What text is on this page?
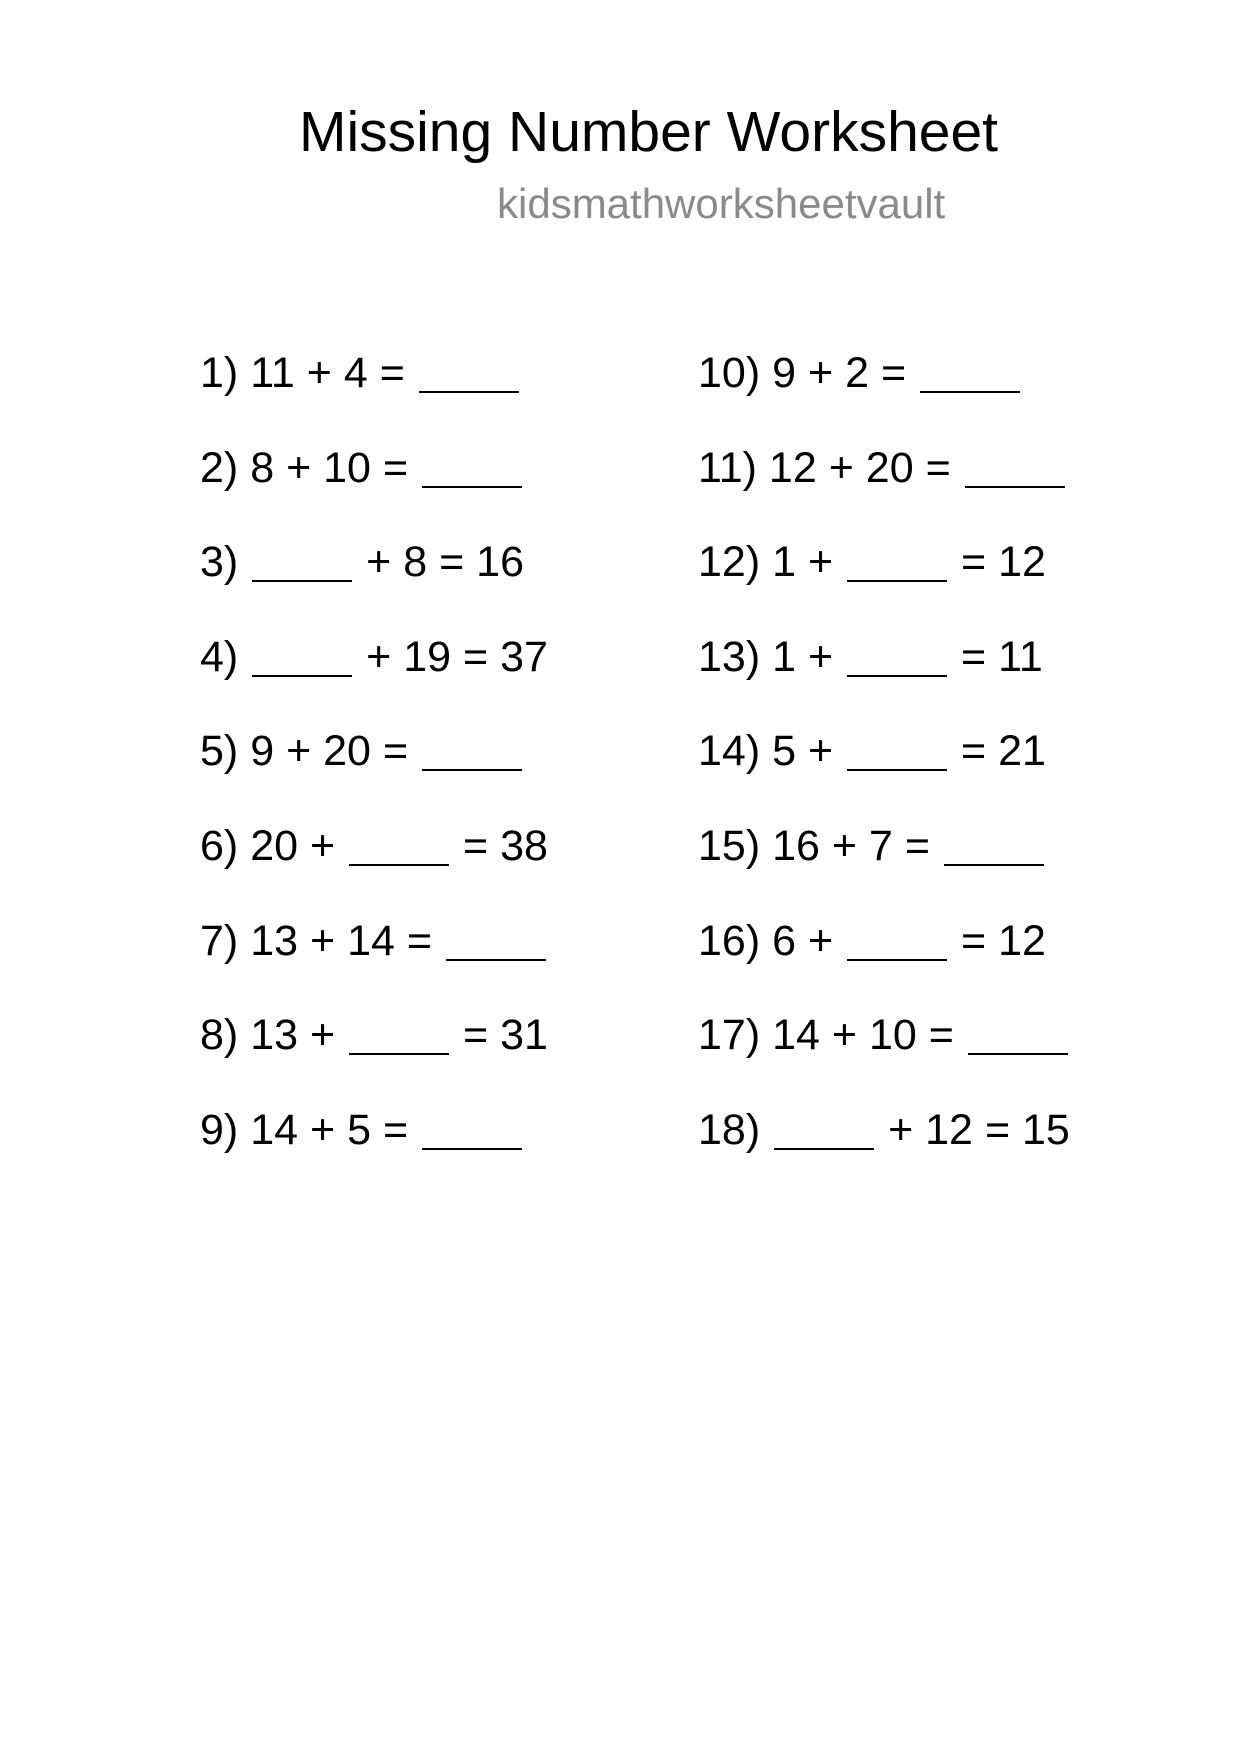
Missing Number Worksheet
kidsmathworksheetvault
1) 11 + 4 =
2) 8 + 10 =
3)	+ 8 = 16
4)	+ 19 = 37
5) 9 + 20 =
6) 20 +	= 38
7) 13 + 14 =
8) 13 +	= 31
9) 14 + 5 =
10) 9 + 2 =
11) 12 + 20 =
12) 1 +	= 12
13) 1 +	= 11
14) 5 +	= 21
15) 16 + 7 =
16) 6 +	= 12
17) 14 + 10 =
18)	+ 12 = 15
